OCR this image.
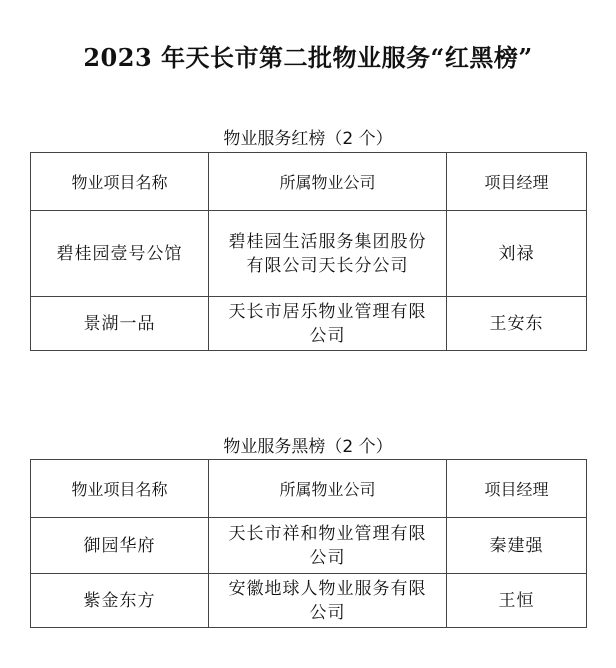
2023 年天长市第二批物业服务“红黑榜”
物业服务红榜（2 个）
物业项目名称	所属物业公司	项目经理
碧桂园壹号公馆	碧桂园生活服务集团股份有限公司天长分公司	刘禄
景湖一品	天长市居乐物业管理有限公司	王安东
物业服务黑榜（2 个）
物业项目名称	所属物业公司	项目经理
御园华府	天长市祥和物业管理有限公司	秦建强
紫金东方	安徽地球人物业服务有限公司	王恒
